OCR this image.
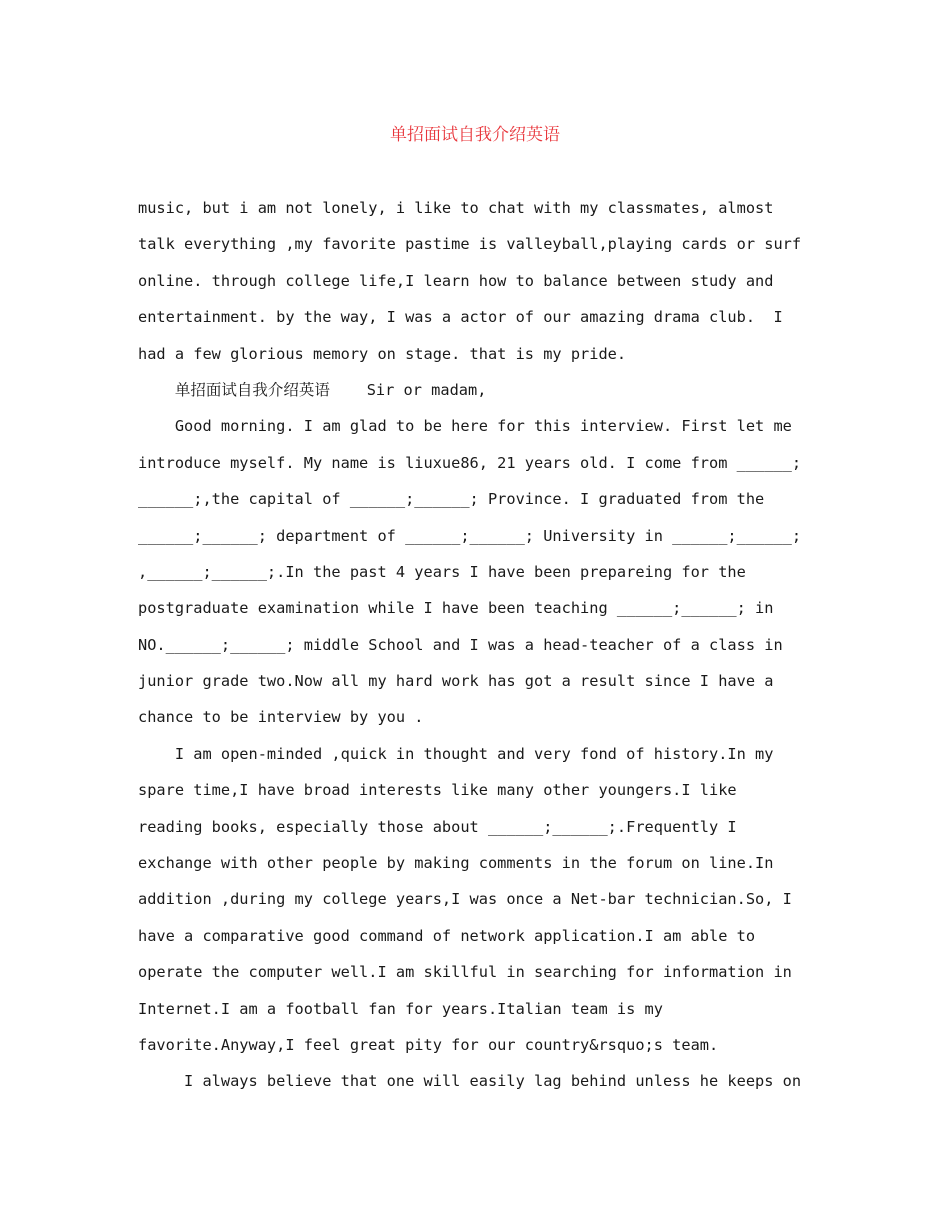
单招面试自我介绍英语
music, but i am not lonely, i like to chat with my classmates, almost
talk everything ,my favorite pastime is valleyball,playing cards or surf
online. through college life,I learn how to balance between study and
entertainment. by the way, I was a actor of our amazing drama club.  I
had a few glorious memory on stage. that is my pride.
单招面试自我介绍英语 Sir or madam,
Good morning. I am glad to be here for this interview. First let me
introduce myself. My name is liuxue86, 21 years old. I come from ______;
______;,the capital of ______;______; Province. I graduated from the
______;______; department of ______;______; University in ______;______;
,______;______;.In the past 4 years I have been prepareing for the
postgraduate examination while I have been teaching ______;______; in
NO.______;______; middle School and I was a head-teacher of a class in
junior grade two.Now all my hard work has got a result since I have a
chance to be interview by you .
I am open-minded ,quick in thought and very fond of history.In my
spare time,I have broad interests like many other youngers.I like
reading books, especially those about ______;______;.Frequently I
exchange with other people by making comments in the forum on line.In
addition ,during my college years,I was once a Net-bar technician.So, I
have a comparative good command of network application.I am able to
operate the computer well.I am skillful in searching for information in
Internet.I am a football fan for years.Italian team is my
favorite.Anyway,I feel great pity for our country&rsquo;s team.
I always believe that one will easily lag behind unless he keeps on
